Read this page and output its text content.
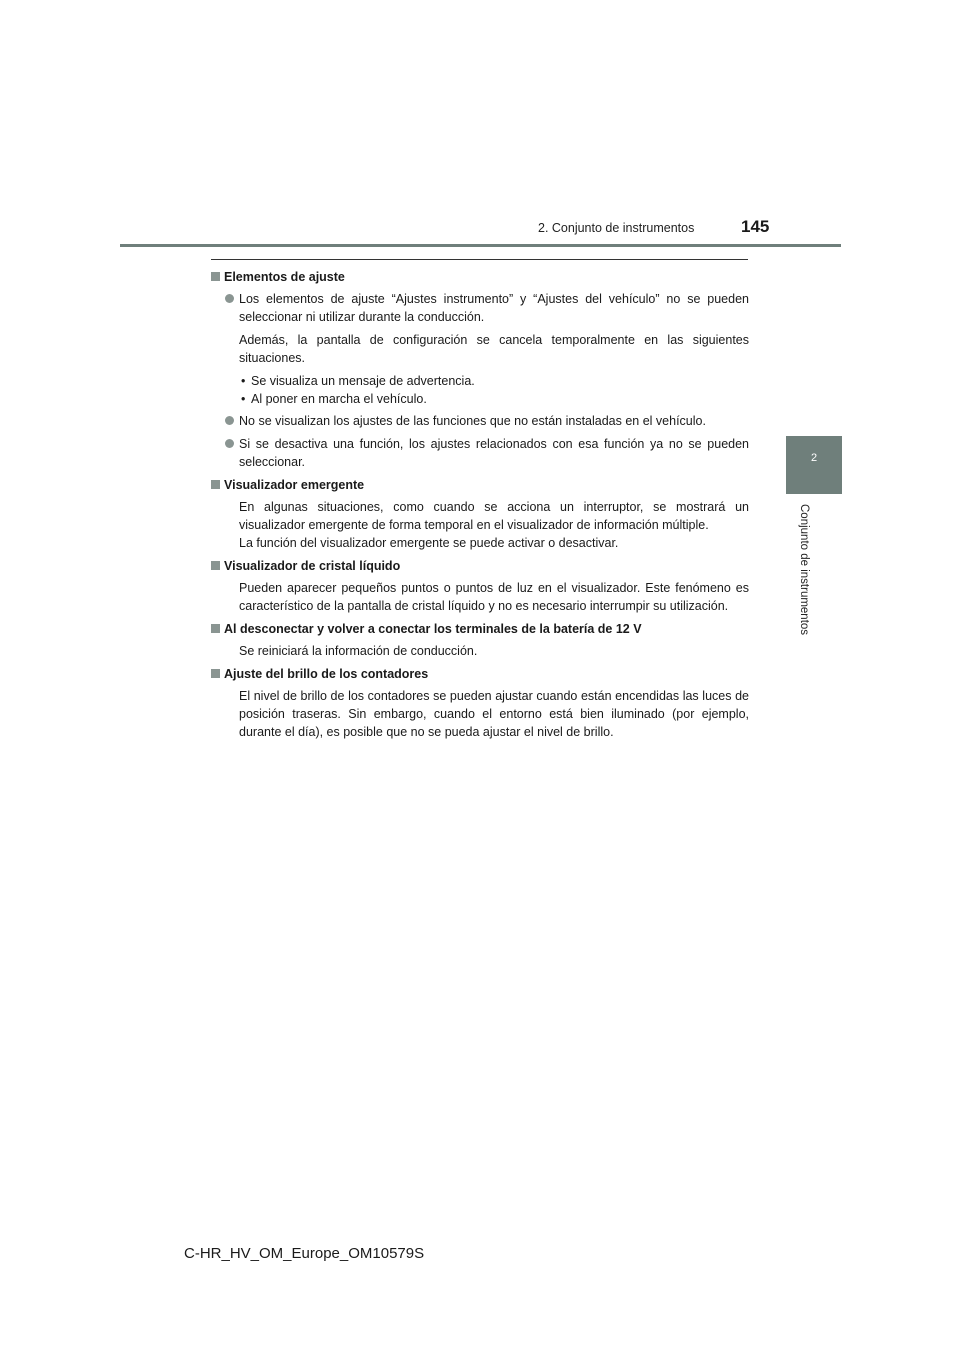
2. Conjunto de instrumentos	145
2
Conjunto de instrumentos
Elementos de ajuste
Los elementos de ajuste “Ajustes instrumento” y “Ajustes del vehículo” no se pueden seleccionar ni utilizar durante la conducción.
Además, la pantalla de configuración se cancela temporalmente en las siguientes situaciones.
• Se visualiza un mensaje de advertencia.
• Al poner en marcha el vehículo.
No se visualizan los ajustes de las funciones que no están instaladas en el vehículo.
Si se desactiva una función, los ajustes relacionados con esa función ya no se pueden seleccionar.
Visualizador emergente
En algunas situaciones, como cuando se acciona un interruptor, se mostrará un visualizador emergente de forma temporal en el visualizador de información múltiple.
La función del visualizador emergente se puede activar o desactivar.
Visualizador de cristal líquido
Pueden aparecer pequeños puntos o puntos de luz en el visualizador. Este fenómeno es característico de la pantalla de cristal líquido y no es necesario interrumpir su utilización.
Al desconectar y volver a conectar los terminales de la batería de 12 V
Se reiniciará la información de conducción.
Ajuste del brillo de los contadores
El nivel de brillo de los contadores se pueden ajustar cuando están encendidas las luces de posición traseras. Sin embargo, cuando el entorno está bien iluminado (por ejemplo, durante el día), es posible que no se pueda ajustar el nivel de brillo.
C-HR_HV_OM_Europe_OM10579S
